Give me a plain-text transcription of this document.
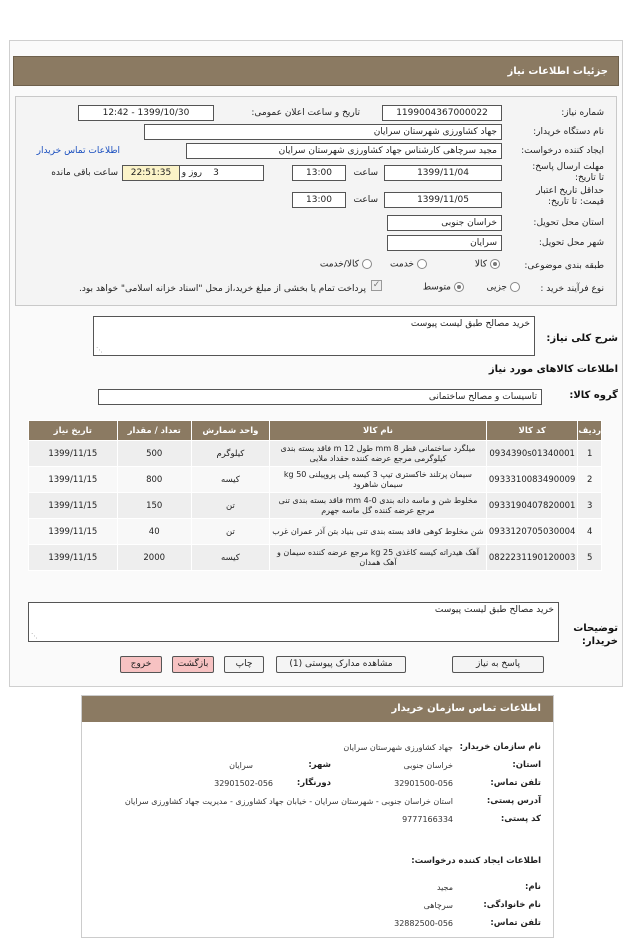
جزئیات اطلاعات نیاز
شماره نیاز:
1199004367000022
تاریخ و ساعت اعلان عمومی:
1399/10/30 - 12:42
نام دستگاه خریدار:
جهاد کشاورزی شهرستان سرایان
ایجاد کننده درخواست:
مجید سرچاهی کارشناس جهاد کشاورزی شهرستان سرایان
اطلاعات تماس خریدار
مهلت ارسال پاسخ: تا تاریخ:
1399/11/04
ساعت
13:00
3
روز و
22:51:35
ساعت باقی مانده
حداقل تاریخ اعتبار قیمت: تا تاریخ:
1399/11/05
ساعت
13:00
استان محل تحویل:
خراسان جنوبی
شهر محل تحویل:
سرایان
طبقه بندی موضوعی:
کالا
خدمت
کالا/خدمت
نوع فرآیند خرید :
جزیی
متوسط
✓
پرداخت تمام یا بخشی از مبلغ خرید،از محل "اسناد خزانه اسلامی" خواهد بود.
شرح کلی نیاز:
خرید مصالح طبق لیست پیوست
⋰
اطلاعات کالاهای مورد نیاز
گروه کالا:
تاسیسات و مصالح ساختمانی
ردیف	کد کالا	نام کالا	واحد شمارش	تعداد / مقدار	تاریخ نیاز
1	0934390s01340001	میلگرد ساختمانی قطر 8 mm طول 12 m فاقد بسته بندی کیلوگرمی مرجع عرضه کننده حقداد ملایی	کیلوگرم	500	1399/11/15
2	0933310083490009	سیمان پرتلند خاکستری تیپ 3 کیسه پلی پروپیلنی 50 kg سیمان شاهرود	کیسه	800	1399/11/15
3	0933190407820001	مخلوط شن و ماسه دانه بندی 0-4 mm فاقد بسته بندی تنی مرجع عرضه کننده گل ماسه جهرم	تن	150	1399/11/15
4	0933120705030004	شن مخلوط کوهی فاقد بسته بندی تنی بنیاد بتن آذر عمران غرب	تن	40	1399/11/15
5	0822231190120003	آهک هیدراته کیسه کاغذی 25 kg مرجع عرضه کننده سیمان و آهک همدان	کیسه	2000	1399/11/15
توضیحات خریدار:
خرید مصالح طبق لیست پیوست
⋰
پاسخ به نیاز
مشاهده مدارک پیوستی (1)
چاپ
بازگشت
خروج
اطلاعات تماس سازمان خریدار
نام سازمان خریدار:
جهاد کشاورزی شهرستان سرایان
استان:
خراسان جنوبی
شهر:
سرایان
تلفن تماس:
32901500-056
دورنگار:
32901502-056
آدرس پستی:
استان خراسان جنوبی - شهرستان سرایان - خیابان جهاد کشاورزی - مدیریت جهاد کشاورزی سرایان
کد پستی:
9777166334
اطلاعات ایجاد کننده درخواست:
نام:
مجید
نام خانوادگی:
سرچاهی
تلفن تماس:
32882500-056
